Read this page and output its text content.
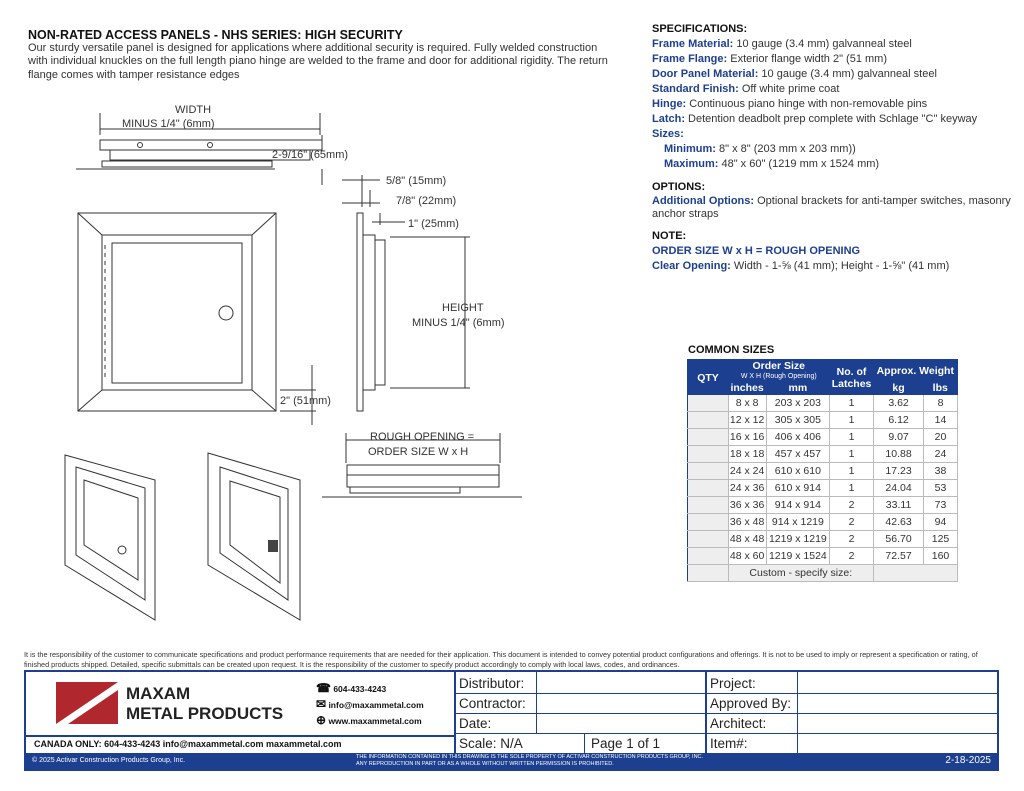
NON-RATED ACCESS PANELS - NHS SERIES: HIGH SECURITY
Our sturdy versatile panel is designed for applications where additional security is required. Fully welded construction with individual knuckles on the full length piano hinge are welded to the frame and door for additional rigidity. The return flange comes with tamper resistance edges
WIDTH
MINUS 1/4" (6mm)
2-9/16" (65mm)
2" (51mm)
5/8" (15mm)
7/8" (22mm)
1" (25mm)
HEIGHT
MINUS 1/4" (6mm)
ROUGH OPENING =
ORDER SIZE W x H
SPECIFICATIONS:
Frame Material: 10 gauge (3.4 mm) galvanneal steel
Frame Flange: Exterior flange width 2" (51 mm)
Door Panel Material: 10 gauge (3.4 mm) galvanneal steel
Standard Finish: Off white prime coat
Hinge: Continuous piano hinge with non-removable pins
Latch: Detention deadbolt prep complete with Schlage "C" keyway
Sizes:
Minimum: 8" x 8" (203 mm x 203 mm))
Maximum: 48" x 60" (1219 mm x 1524 mm)
OPTIONS:
Additional Options: Optional brackets for anti-tamper switches, masonry anchor straps
NOTE:
ORDER SIZE W x H = ROUGH OPENING
Clear Opening: Width - 1-⅝ (41 mm); Height - 1-⅝" (41 mm)
COMMON SIZES
QTY	Order Size
W X H (Rough Opening)		No. of Latches	Approx. Weight	
	inches	mm		kg	lbs
	8 x 8	203 x 203	1	3.62	8
	12 x 12	305 x 305	1	6.12	14
	16 x 16	406 x 406	1	9.07	20
	18 x 18	457 x 457	1	10.88	24
	24 x 24	610 x 610	1	17.23	38
	24 x 36	610 x 914	1	24.04	53
	36 x 36	914 x 914	2	33.11	73
	36 x 48	914 x 1219	2	42.63	94
	48 x 48	1219 x 1219	2	56.70	125
	48 x 60	1219 x 1524	2	72.57	160
	Custom - specify size:				
It is the responsibility of the customer to communicate specifications and product performance requirements that are needed for their application. This document is intended to convey potential product configurations and offerings. It is not to be used to imply or represent a specification or rating, of finished products shipped. Detailed, specific submittals can be created upon request. It is the responsibility of the customer to specify product accordingly to comply with local laws, codes, and ordinances.
MAXAM
METAL PRODUCTS
☎ 604-433-4243
✉ info@maxammetal.com
⊕ www.maxammetal.com
CANADA ONLY: 604-433-4243 info@maxammetal.com maxammetal.com
Distributor:
Contractor:
Date:
Scale: N/A	Page 1 of 1
Project:
Approved By:
Architect:
Item#:
© 2025 Activar Construction Products Group, Inc.	THE INFORMATION CONTAINED IN THIS DRAWING IS THE SOLE PROPERTY OF ACTIVAR CONSTRUCTION PRODUCTS GROUP, INC.
ANY REPRODUCTION IN PART OR AS A WHOLE WITHOUT WRITTEN PERMISSION IS PROHIBITED.	2-18-2025
